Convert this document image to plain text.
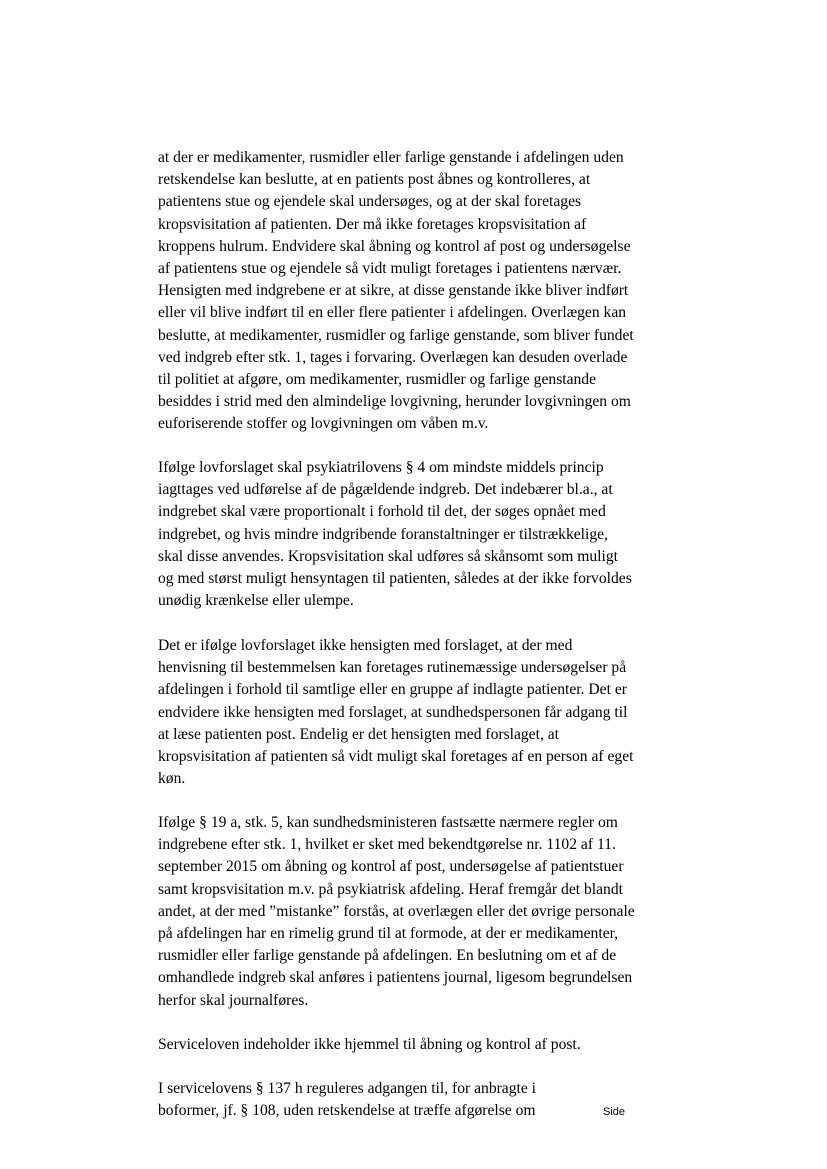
at der er medikamenter, rusmidler eller farlige genstande i afdelingen uden
retskendelse kan beslutte, at en patients post åbnes og kontrolleres, at
patientens stue og ejendele skal undersøges, og at der skal foretages
kropsvisitation af patienten. Der må ikke foretages kropsvisitation af
kroppens hulrum. Endvidere skal åbning og kontrol af post og undersøgelse
af patientens stue og ejendele så vidt muligt foretages i patientens nærvær.
Hensigten med indgrebene er at sikre, at disse genstande ikke bliver indført
eller vil blive indført til en eller flere patienter i afdelingen. Overlægen kan
beslutte, at medikamenter, rusmidler og farlige genstande, som bliver fundet
ved indgreb efter stk. 1, tages i forvaring. Overlægen kan desuden overlade
til politiet at afgøre, om medikamenter, rusmidler og farlige genstande
besiddes i strid med den almindelige lovgivning, herunder lovgivningen om
euforiserende stoffer og lovgivningen om våben m.v.
Ifølge lovforslaget skal psykiatrilovens § 4 om mindste middels princip
iagttages ved udførelse af de pågældende indgreb. Det indebærer bl.a., at
indgrebet skal være proportionalt i forhold til det, der søges opnået med
indgrebet, og hvis mindre indgribende foranstaltninger er tilstrækkelige,
skal disse anvendes. Kropsvisitation skal udføres så skånsomt som muligt
og med størst muligt hensyntagen til patienten, således at der ikke forvoldes
unødig krænkelse eller ulempe.
Det er ifølge lovforslaget ikke hensigten med forslaget, at der med
henvisning til bestemmelsen kan foretages rutinemæssige undersøgelser på
afdelingen i forhold til samtlige eller en gruppe af indlagte patienter. Det er
endvidere ikke hensigten med forslaget, at sundhedspersonen får adgang til
at læse patienten post. Endelig er det hensigten med forslaget, at
kropsvisitation af patienten så vidt muligt skal foretages af en person af eget
køn.
Ifølge § 19 a, stk. 5, kan sundhedsministeren fastsætte nærmere regler om
indgrebene efter stk. 1, hvilket er sket med bekendtgørelse nr. 1102 af 11.
september 2015 om åbning og kontrol af post, undersøgelse af patientstuer
samt kropsvisitation m.v. på psykiatrisk afdeling. Heraf fremgår det blandt
andet, at der med ”mistanke” forstås, at overlægen eller det øvrige personale
på afdelingen har en rimelig grund til at formode, at der er medikamenter,
rusmidler eller farlige genstande på afdelingen. En beslutning om et af de
omhandlede indgreb skal anføres i patientens journal, ligesom begrundelsen
herfor skal journalføres.
Serviceloven indeholder ikke hjemmel til åbning og kontrol af post.
I servicelovens § 137 h reguleres adgangen til, for anbragte i
boformer, jf. § 108, uden retskendelse at træffe afgørelse om	Side
